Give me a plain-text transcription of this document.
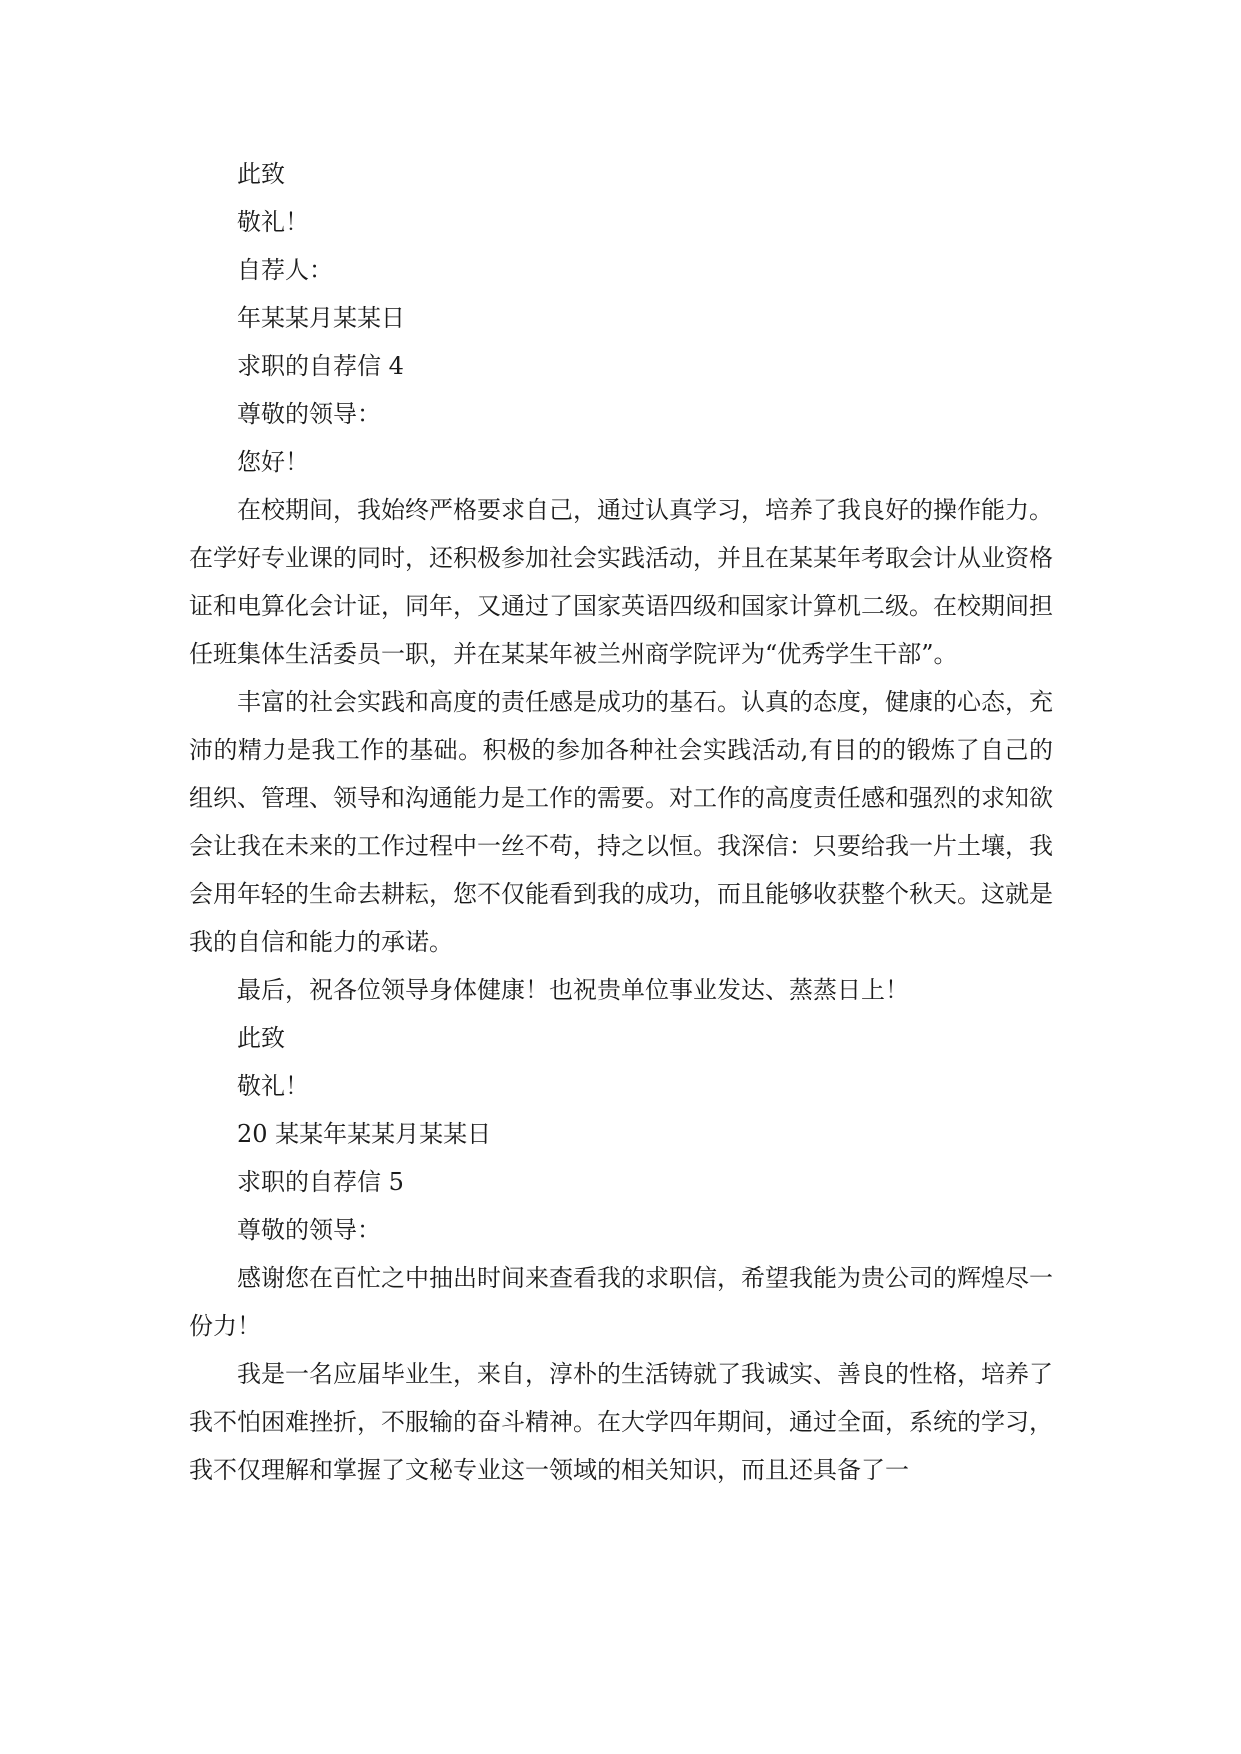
此致
敬礼！
自荐人：
年某某月某某日
求职的自荐信 4
尊敬的领导：
您好！

在校期间，我始终严格要求自己，通过认真学习，培养了我良好的操作能力。在学好专业课的同时，还积极参加社会实践活动，并且在某某年考取会计从业资格证和电算化会计证，同年，又通过了国家英语四级和国家计算机二级。在校期间担任班集体生活委员一职，并在某某年被兰州商学院评为“优秀学生干部”。

丰富的社会实践和高度的责任感是成功的基石。认真的态度，健康的心态，充沛的精力是我工作的基础。积极的参加各种社会实践活动,有目的的锻炼了自己的组织、管理、领导和沟通能力是工作的需要。对工作的高度责任感和强烈的求知欲会让我在未来的工作过程中一丝不苟，持之以恒。我深信：只要给我一片土壤，我会用年轻的生命去耕耘，您不仅能看到我的成功，而且能够收获整个秋天。这就是我的自信和能力的承诺。

最后，祝各位领导身体健康！也祝贵单位事业发达、蒸蒸日上！
此致
敬礼！
20 某某年某某月某某日
求职的自荐信 5
尊敬的领导：

感谢您在百忙之中抽出时间来查看我的求职信，希望我能为贵公司的辉煌尽一份力！

我是一名应届毕业生，来自，淳朴的生活铸就了我诚实、善良的性格，培养了我不怕困难挫折，不服输的奋斗精神。在大学四年期间，通过全面，系统的学习，我不仅理解和掌握了文秘专业这一领域的相关知识，而且还具备了一
